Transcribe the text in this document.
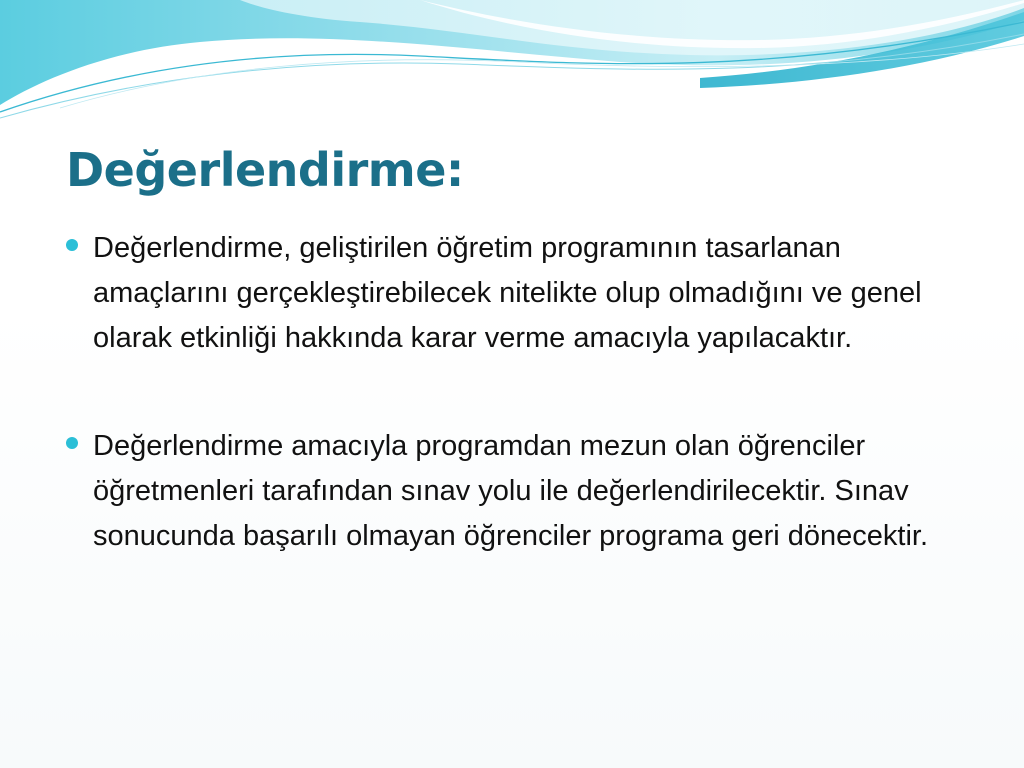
Değerlendirme:
Değerlendirme, geliştirilen öğretim programının tasarlanan amaçlarını gerçekleştirebilecek nitelikte olup olmadığını ve genel olarak etkinliği hakkında karar verme amacıyla yapılacaktır.
Değerlendirme amacıyla programdan mezun olan öğrenciler öğretmenleri tarafından sınav yolu ile değerlendirilecektir. Sınav sonucunda başarılı olmayan öğrenciler programa geri dönecektir.
